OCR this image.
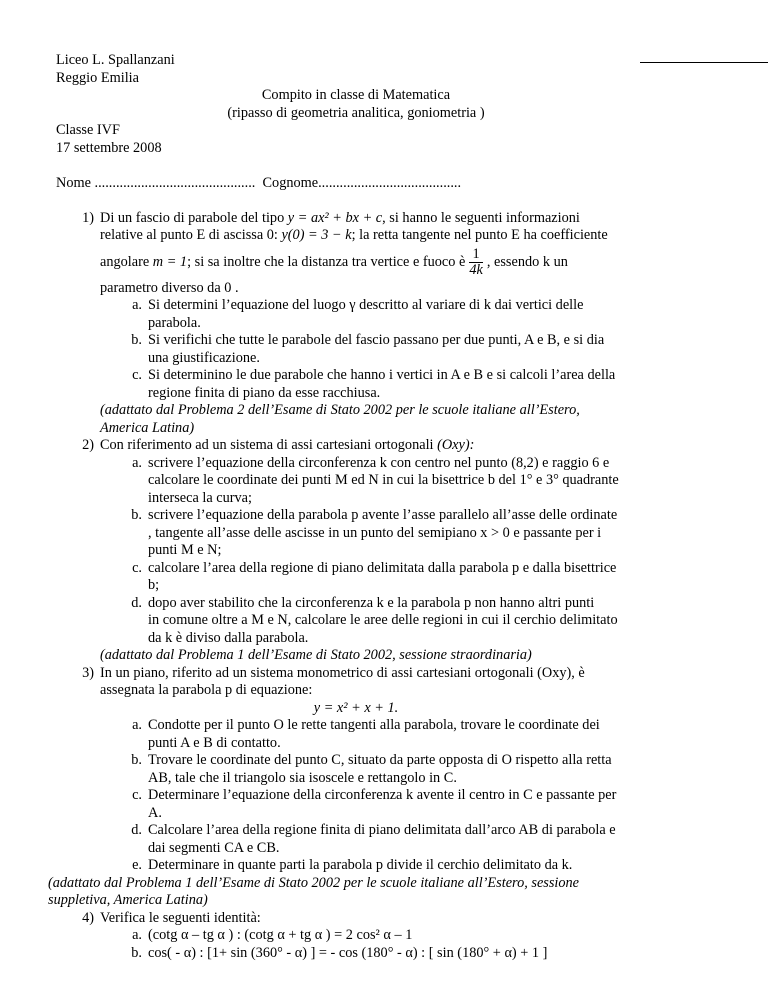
Liceo L. Spallanzani
Reggio Emilia
Compito in classe di Matematica
(ripasso di geometria analitica, goniometria )
Classe IVF
17 settembre 2008
Nome ............................................. Cognome........................................
1) Di un fascio di parabole del tipo y = ax² + bx + c, si hanno le seguenti informazioni
relative al punto E di ascissa 0: y(0) = 3 − k; la retta tangente nel punto E ha coefficiente
angolare m = 1; si sa inoltre che la distanza tra vertice e fuoco è $\frac{1}{4k}$ , essendo k un
parametro diverso da 0 .
a. Si determini l’equazione del luogo γ descritto al variare di k dai vertici delle
parabola.
b. Si verifichi che tutte le parabole del fascio passano per due punti, A e B, e si dia
una giustificazione.
c. Si determinino le due parabole che hanno i vertici in A e B e si calcoli l’area della
regione finita di piano da esse racchiusa.
(adattato dal Problema 2 dell’Esame di Stato 2002 per le scuole italiane all’Estero,
America Latina)
2) Con riferimento ad un sistema di assi cartesiani ortogonali (Oxy):
a. scrivere l’equazione della circonferenza k con centro nel punto (8,2) e raggio 6 e
calcolare le coordinate dei punti M ed N in cui la bisettrice b del 1° e 3° quadrante
interseca la curva;
b. scrivere l’equazione della parabola p avente l’asse parallelo all’asse delle ordinate
, tangente all’asse delle ascisse in un punto del semipiano x > 0 e passante per i
punti M e N;
c. calcolare l’area della regione di piano delimitata dalla parabola p e dalla bisettrice
b;
d. dopo aver stabilito che la circonferenza k e la parabola p non hanno altri punti
in comune oltre a M e N, calcolare le aree delle regioni in cui il cerchio delimitato
da k è diviso dalla parabola.
(adattato dal Problema 1 dell’Esame di Stato 2002, sessione straordinaria)
3) In un piano, riferito ad un sistema monometrico di assi cartesiani ortogonali (Oxy), è
assegnata la parabola p di equazione:
y = x² + x + 1.
a. Condotte per il punto O le rette tangenti alla parabola, trovare le coordinate dei
punti A e B di contatto.
b. Trovare le coordinate del punto C, situato da parte opposta di O rispetto alla retta
AB, tale che il triangolo sia isoscele e rettangolo in C.
c. Determinare l’equazione della circonferenza k avente il centro in C e passante per
A.
d. Calcolare l’area della regione finita di piano delimitata dall’arco AB di parabola e
dai segmenti CA e CB.
e. Determinare in quante parti la parabola p divide il cerchio delimitato da k.
(adattato dal Problema 1 dell’Esame di Stato 2002 per le scuole italiane all’Estero, sessione
suppletiva, America Latina)
4) Verifica le seguenti identità:
a. (cotg α – tg α ) : (cotg α + tg α ) = 2 cos² α – 1
b. cos( - α) : [1+ sin (360° - α) ] = - cos (180° - α) : [ sin (180° + α) + 1 ]
